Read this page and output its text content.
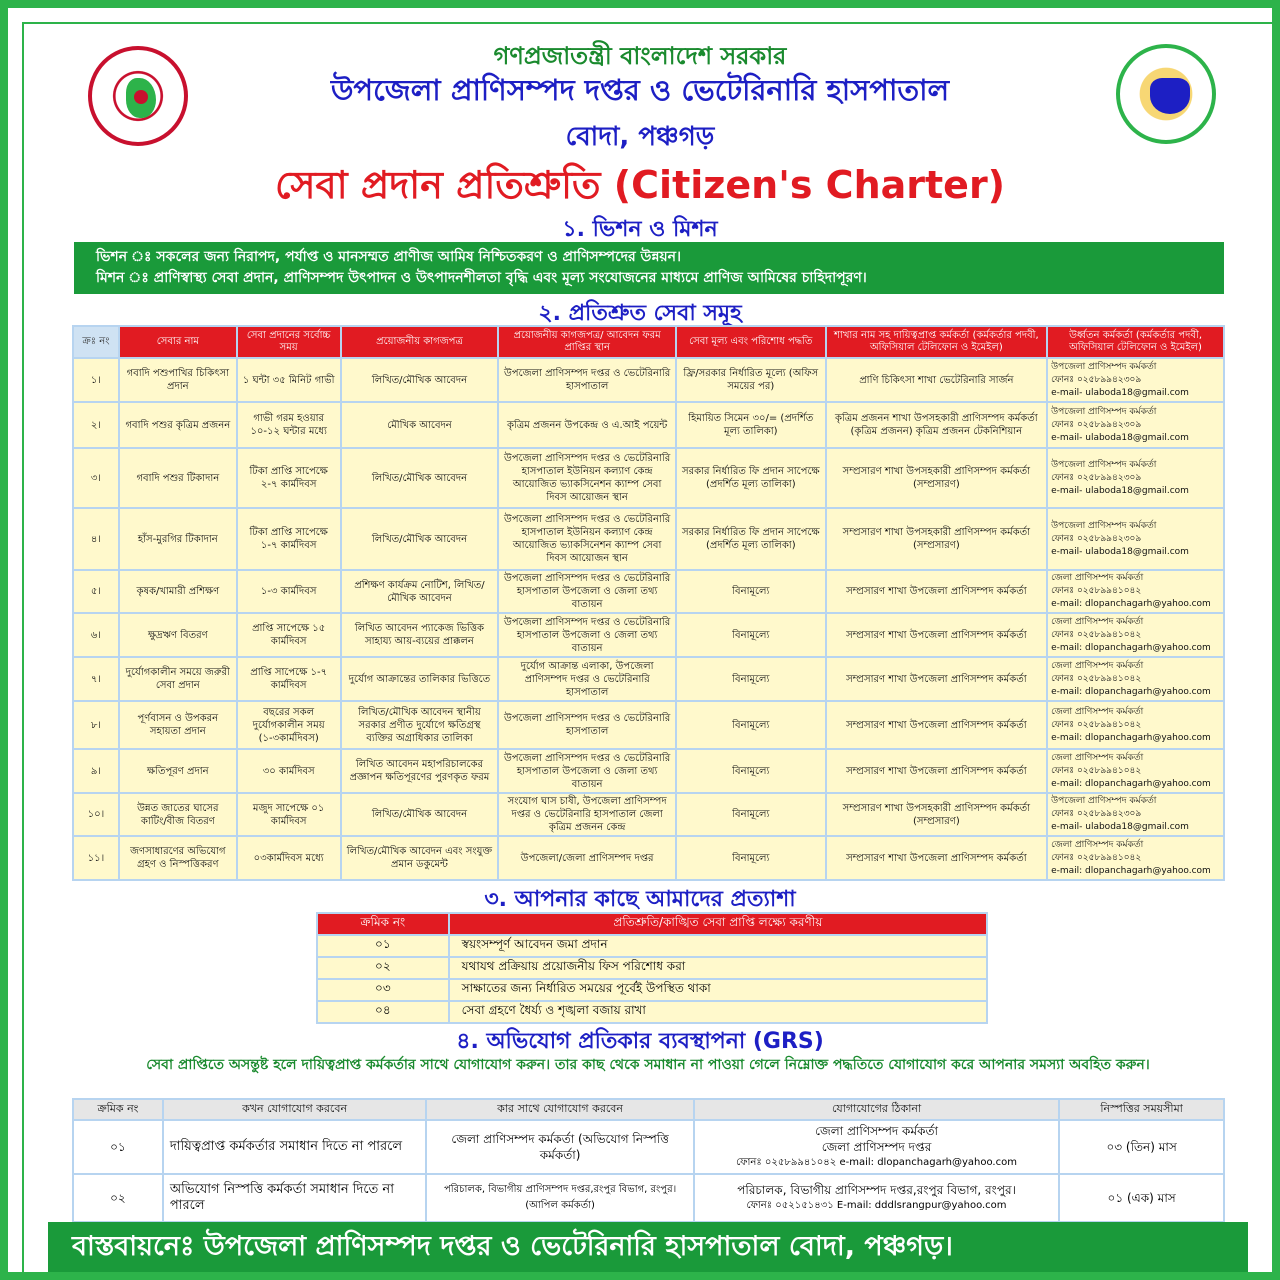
গণপ্রজাতন্ত্রী বাংলাদেশ সরকার
উপজেলা প্রাণিসম্পদ দপ্তর ও ভেটেরিনারি হাসপাতাল
বোদা, পঞ্চগড়
সেবা প্রদান প্রতিশ্রুতি (Citizen's Charter)
১. ভিশন ও মিশন
ভিশন ঃ সকলের জন্য নিরাপদ, পর্যাপ্ত ও মানসম্মত প্রাণীজ আমিষ নিশ্চিতকরণ ও প্রাণিসম্পদের উন্নয়ন।
মিশন ঃ প্রাণিস্বাস্থ্য সেবা প্রদান, প্রাণিসম্পদ উৎপাদন ও উৎপাদনশীলতা বৃদ্ধি এবং মূল্য সংযোজনের মাধ্যমে প্রাণিজ আমিষের চাহিদাপূরণ।
২. প্রতিশ্রুত সেবা সমূহ
ক্রঃ নং	সেবার নাম	সেবা প্রদানের সর্বোচ্চ সময়	প্রয়োজনীয় কাগজপত্র	প্রয়োজনীয় কাগজপত্র/ আবেদন ফরম প্রাপ্তির স্থান	সেবা মূল্য এবং পরিশোধ পদ্ধতি	শাখার নাম সহ দায়িত্বপ্রাপ্ত কর্মকর্তা (কর্মকর্তার পদবী, অফিসিয়াল টেলিফোন ও ইমেইল)	উর্ধ্বতন কর্মকর্তা (কর্মকর্তার পদবী, অফিসিয়াল টেলিফোন ও ইমেইল)
১।	গবাদি পশুপাখির চিকিৎসা প্রদান	১ ঘন্টা ৩৫ মিনিট গাভী	লিখিত/মৌখিক আবেদন	উপজেলা প্রাণিসম্পদ দপ্তর ও ভেটেরিনারি হাসপাতাল	ফ্রি/সরকার নির্ধারিত মূল্যে (অফিস সময়ের পর)	প্রাণি চিকিৎসা শাখা ভেটেরিনারি সার্জন	উপজেলা প্রাণিসম্পদ কর্মকর্তা
ফোনঃ ০২৫৮৯৯৪২৩০৯
e-mail- ulaboda18@gmail.com

২।	গবাদি পশুর কৃত্রিম প্রজনন	গাভী গরম হওয়ার ১০-১২ ঘন্টার মধ্যে	মৌখিক আবেদন	কৃত্রিম প্রজনন উপকেন্দ্র ও এ.আই পয়েন্ট	হিমায়িত সিমেন ৩০/= (প্রদর্শিত মূল্য তালিকা)	কৃত্রিম প্রজনন শাখা উপসহকারী প্রাণিসম্পদ কর্মকর্তা (কৃত্রিম প্রজনন) কৃত্রিম প্রজনন টেকনিশিয়ান	উপজেলা প্রাণিসম্পদ কর্মকর্তা
ফোনঃ ০২৫৮৯৯৪২৩০৯
e-mail- ulaboda18@gmail.com

৩।	গবাদি পশুর টিকাদান	টিকা প্রাপ্তি সাপেক্ষে ২-৭ কার্মদিবস	লিখিত/মৌখিক আবেদন	উপজেলা প্রাণিসম্পদ দপ্তর ও ভেটেরিনারি হাসপাতাল ইউনিয়ন কল্যাণ কেন্দ্র আয়োজিত ভ্যাকসিনেশন ক্যাম্প সেবা দিবস আয়োজন স্থান	সরকার নির্ধারিত ফি প্রদান সাপেক্ষে (প্রদর্শিত মূল্য তালিকা)	সম্প্রসারণ শাখা উপসহকারী প্রাণিসম্পদ কর্মকর্তা (সম্প্রসারণ)	উপজেলা প্রাণিসম্পদ কর্মকর্তা
ফোনঃ ০২৫৮৯৯৪২৩০৯
e-mail- ulaboda18@gmail.com

৪।	হাঁস-মুরগির টিকাদান	টিকা প্রাপ্তি সাপেক্ষে ১-৭ কার্মদিবস	লিখিত/মৌখিক আবেদন	উপজেলা প্রাণিসম্পদ দপ্তর ও ভেটেরিনারি হাসপাতাল ইউনিয়ন কল্যাণ কেন্দ্র আয়োজিত ভ্যাকসিনেশন ক্যাম্প সেবা দিবস আয়োজন স্থান	সরকার নির্ধারিত ফি প্রদান সাপেক্ষে (প্রদর্শিত মূল্য তালিকা)	সম্প্রসারণ শাখা উপসহকারী প্রাণিসম্পদ কর্মকর্তা (সম্প্রসারণ)	উপজেলা প্রাণিসম্পদ কর্মকর্তা
ফোনঃ ০২৫৮৯৯৪২৩০৯
e-mail- ulaboda18@gmail.com

৫।	কৃষক/খামারী প্রশিক্ষণ	১-৩ কার্মদিবস	প্রশিক্ষণ কার্যক্রম নোটিশ, লিখিত/মৌখিক আবেদন	উপজেলা প্রাণিসম্পদ দপ্তর ও ভেটেরিনারি হাসপাতাল উপজেলা ও জেলা তথ্য বাতায়ন	বিনামূল্যে	সম্প্রসারণ শাখা উপজেলা প্রাণিসম্পদ কর্মকর্তা	জেলা প্রাণিসম্পদ কর্মকর্তা
ফোনঃ ০২৫৮৯৯৪১০৪২
e-mail: dlopanchagarh@yahoo.com

৬।	ক্ষুদ্রঋণ বিতরণ	প্রাপ্তি সাপেক্ষে ১৫ কার্মদিবস	লিখিত আবেদন প্যাকেজ ভিত্তিক সাহায্য আয়-ব্যয়ের প্রাক্কলন	উপজেলা প্রাণিসম্পদ দপ্তর ও ভেটেরিনারি হাসপাতাল উপজেলা ও জেলা তথ্য বাতায়ন	বিনামূল্যে	সম্প্রসারণ শাখা উপজেলা প্রাণিসম্পদ কর্মকর্তা	জেলা প্রাণিসম্পদ কর্মকর্তা
ফোনঃ ০২৫৮৯৯৪১০৪২
e-mail: dlopanchagarh@yahoo.com

৭।	দুর্যোগকালীন সময়ে জরুরী সেবা প্রদান	প্রাপ্তি সাপেক্ষে ১-৭ কার্মদিবস	দুর্যোগ আক্রান্তের তালিকার ভিত্তিতে	দুর্যোগ আক্রান্ত এলাকা, উপজেলা প্রাণিসম্পদ দপ্তর ও ভেটেরিনারি হাসপাতাল	বিনামূল্যে	সম্প্রসারণ শাখা উপজেলা প্রাণিসম্পদ কর্মকর্তা	জেলা প্রাণিসম্পদ কর্মকর্তা
ফোনঃ ০২৫৮৯৯৪১০৪২
e-mail: dlopanchagarh@yahoo.com

৮।	পূর্ণবাসন ও উপকরন সহায়তা প্রদান	বছরের সকল দুর্যোগকালীন সময় (১-৩কার্মদিবস)	লিখিত/মৌখিক আবেদন স্থানীয় সরকার প্রণীত দুর্যোগে ক্ষতিগ্রস্থ ব্যক্তির অগ্রাধিকার তালিকা	উপজেলা প্রাণিসম্পদ দপ্তর ও ভেটেরিনারি হাসপাতাল	বিনামূল্যে	সম্প্রসারণ শাখা উপজেলা প্রাণিসম্পদ কর্মকর্তা	জেলা প্রাণিসম্পদ কর্মকর্তা
ফোনঃ ০২৫৮৯৯৪১০৪২
e-mail: dlopanchagarh@yahoo.com

৯।	ক্ষতিপূরণ প্রদান	৩০ কার্মদিবস	লিখিত আবেদন মহাপরিচালকের প্রজ্ঞাপন ক্ষতিপূরণের পুরণকৃত ফরম	উপজেলা প্রাণিসম্পদ দপ্তর ও ভেটেরিনারি হাসপাতাল উপজেলা ও জেলা তথ্য বাতায়ন	বিনামূল্যে	সম্প্রসারণ শাখা উপজেলা প্রাণিসম্পদ কর্মকর্তা	জেলা প্রাণিসম্পদ কর্মকর্তা
ফোনঃ ০২৫৮৯৯৪১০৪২
e-mail: dlopanchagarh@yahoo.com

১০।	উন্নত জাতের ঘাসের কাটিং/বীজ বিতরণ	মজুদ সাপেক্ষে ০১ কার্মদিবস	লিখিত/মৌখিক আবেদন	সংযোগ ঘাস চাষী, উপজেলা প্রাণিসম্পদ দপ্তর ও ভেটেরিনারি হাসপাতাল জেলা কৃত্রিম প্রজনন কেন্দ্র	বিনামূল্যে	সম্প্রসারণ শাখা উপসহকারী প্রাণিসম্পদ কর্মকর্তা (সম্প্রসারণ)	উপজেলা প্রাণিসম্পদ কর্মকর্তা
ফোনঃ ০২৫৮৯৯৪২৩০৯
e-mail- ulaboda18@gmail.com

১১।	জণসাধারণের অভিযোগ গ্রহণ ও নিস্পত্তিকরণ	০৩কার্মদিবস মধ্যে	লিখিত/মৌখিক আবেদন এবং সংযুক্ত প্রমান ডকুমেন্ট	উপজেলা/জেলা প্রাণিসম্পদ দপ্তর	বিনামূল্যে	সম্প্রসারণ শাখা উপজেলা প্রাণিসম্পদ কর্মকর্তা	জেলা প্রাণিসম্পদ কর্মকর্তা
ফোনঃ ০২৫৮৯৯৪১০৪২
e-mail: dlopanchagarh@yahoo.com
৩. আপনার কাছে আমাদের প্রত্যাশা
ক্রমিক নং	প্রতিশ্রুতি/কাঙ্খিত সেবা প্রাপ্তি লক্ষ্যে করণীয়
০১	স্বয়ংসম্পূর্ণ আবেদন জমা প্রদান
০২	যথাযথ প্রক্রিয়ায় প্রয়োজনীয় ফিস পরিশোধ করা
০৩	সাক্ষাতের জন্য নির্ধারিত সময়ের পূর্বেই উপস্থিত থাকা
০৪	সেবা গ্রহণে ধৈর্য্য ও শৃঙ্খলা বজায় রাখা
৪. অভিযোগ প্রতিকার ব্যবস্থাপনা (GRS)
সেবা প্রাপ্তিতে অসন্তুষ্ট হলে দায়িত্বপ্রাপ্ত কর্মকর্তার সাথে যোগাযোগ করুন। তার কাছ থেকে সমাধান না পাওয়া গেলে নিম্নোক্ত পদ্ধতিতে যোগাযোগ করে আপনার সমস্যা অবহিত করুন।
ক্রমিক নং	কখন যোগাযোগ করবেন	কার সাথে যোগাযোগ করবেন	যোগাযোগের ঠিকানা	নিস্পত্তির সময়সীমা
০১	দায়িত্বপ্রাপ্ত কর্মকর্তার সমাধান দিতে না পারলে	জেলা প্রাণিসম্পদ কর্মকর্তা (অভিযোগ নিস্পত্তি কর্মকর্তা)	জেলা প্রাণিসম্পদ কর্মকর্তা
জেলা প্রাণিসম্পদ দপ্তর
ফোনঃ ০২৫৮৯৯৪১০৪২ e-mail: dlopanchagarh@yahoo.com	০৩ (তিন) মাস
০২	অভিযোগ নিস্পত্তি কর্মকর্তা সমাধান দিতে না পারলে	পরিচালক, বিভাগীয় প্রাণিসম্পদ দপ্তর,রংপুর বিভাগ, রংপুর। (আপিল কর্মকর্তা)	পরিচালক, বিভাগীয় প্রাণিসম্পদ দপ্তর,রংপুর বিভাগ, রংপুর।
ফোনঃ ০৫২১৫১৪৩১ E-mail: dddlsrangpur@yahoo.com	০১ (এক) মাস
বাস্তবায়নেঃ উপজেলা প্রাণিসম্পদ দপ্তর ও ভেটেরিনারি হাসপাতাল বোদা, পঞ্চগড়।
